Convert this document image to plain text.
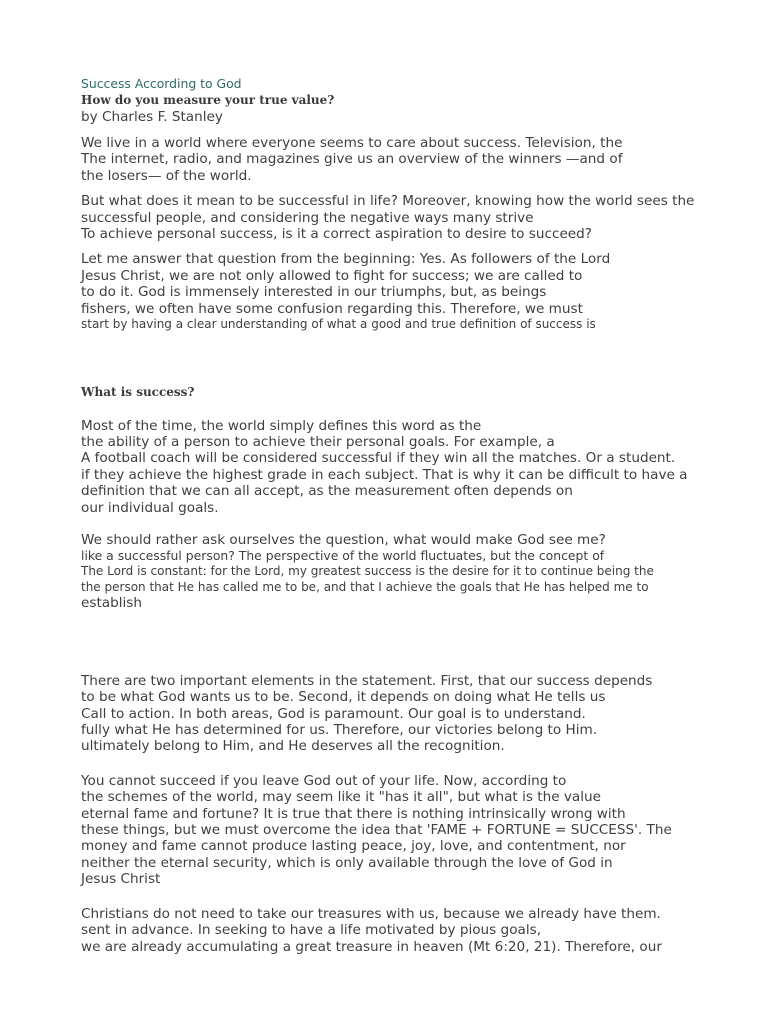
Success According to God
How do you measure your true value?
by Charles F. Stanley
We live in a world where everyone seems to care about success. Television, the
The internet, radio, and magazines give us an overview of the winners —and of
the losers— of the world.
But what does it mean to be successful in life? Moreover, knowing how the world sees the
successful people, and considering the negative ways many strive
To achieve personal success, is it a correct aspiration to desire to succeed?
Let me answer that question from the beginning: Yes. As followers of the Lord
Jesus Christ, we are not only allowed to fight for success; we are called to
to do it. God is immensely interested in our triumphs, but, as beings
fishers, we often have some confusion regarding this. Therefore, we must
start by having a clear understanding of what a good and true definition of success is
What is success?
Most of the time, the world simply defines this word as the
the ability of a person to achieve their personal goals. For example, a
A football coach will be considered successful if they win all the matches. Or a student.
if they achieve the highest grade in each subject. That is why it can be difficult to have a
definition that we can all accept, as the measurement often depends on
our individual goals.
We should rather ask ourselves the question, what would make God see me?
like a successful person? The perspective of the world fluctuates, but the concept of
The Lord is constant: for the Lord, my greatest success is the desire for it to continue being the
the person that He has called me to be, and that I achieve the goals that He has helped me to
establish
There are two important elements in the statement. First, that our success depends
to be what God wants us to be. Second, it depends on doing what He tells us
Call to action. In both areas, God is paramount. Our goal is to understand.
fully what He has determined for us. Therefore, our victories belong to Him.
ultimately belong to Him, and He deserves all the recognition.
You cannot succeed if you leave God out of your life. Now, according to
the schemes of the world, may seem like it "has it all", but what is the value
eternal fame and fortune? It is true that there is nothing intrinsically wrong with
these things, but we must overcome the idea that 'FAME + FORTUNE = SUCCESS'. The
money and fame cannot produce lasting peace, joy, love, and contentment, nor
neither the eternal security, which is only available through the love of God in
Jesus Christ
Christians do not need to take our treasures with us, because we already have them.
sent in advance. In seeking to have a life motivated by pious goals,
we are already accumulating a great treasure in heaven (Mt 6:20, 21). Therefore, our
